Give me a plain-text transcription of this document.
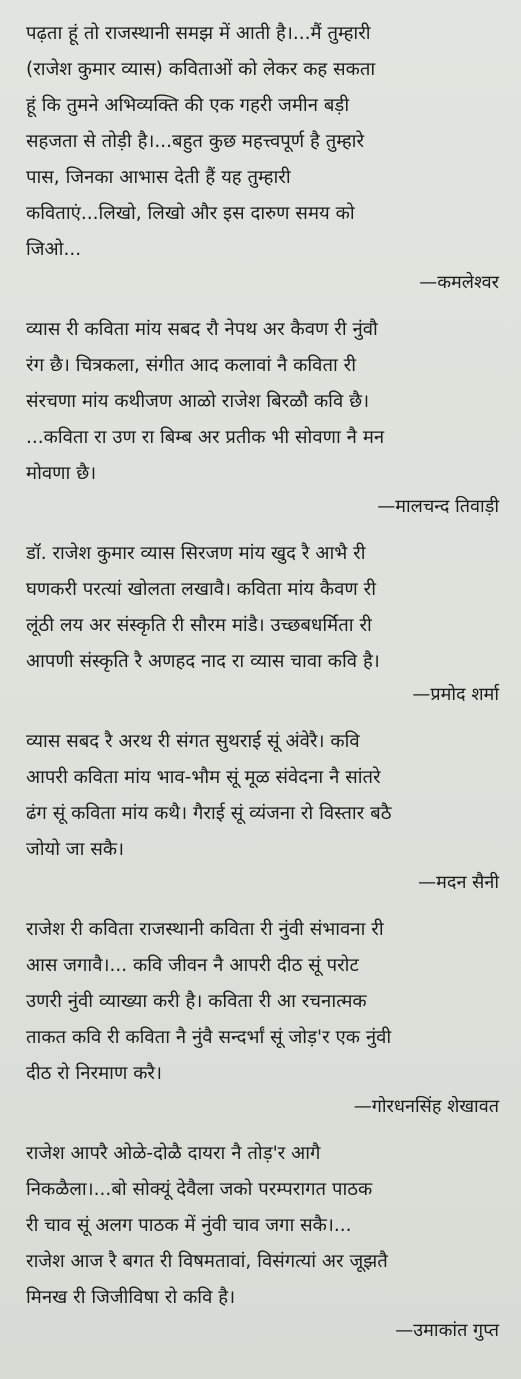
पढ़ता हूं तो राजस्थानी समझ में आती है।...मैं तुम्हारी
(राजेश कुमार व्यास) कविताओं को लेकर कह सकता
हूं कि तुमने अभिव्यक्ति की एक गहरी जमीन बड़ी
सहजता से तोड़ी है।...बहुत कुछ महत्त्वपूर्ण है तुम्हारे
पास, जिनका आभास देती हैं यह तुम्हारी
कविताएं...लिखो, लिखो और इस दारुण समय को
जिओ...

—कमलेश्वर

व्यास री कविता मांय सबद रौ नेपथ अर कैवण री नुंवौ
रंग छै। चित्रकला, संगीत आद कलावां नै कविता री
संरचणा मांय कथीजण आळो राजेश बिरळौ कवि छै।
...कविता रा उण रा बिम्ब अर प्रतीक भी सोवणा नै मन
मोवणा छै।

—मालचन्द तिवाड़ी

डॉ. राजेश कुमार व्यास सिरजण मांय खुद रै आभै री
घणकरी परत्यां खोलता लखावै। कविता मांय कैवण री
लूंठी लय अर संस्कृति री सौरम मांडै। उच्छबधर्मिता री
आपणी संस्कृति रै अणहद नाद रा व्यास चावा कवि है।

—प्रमोद शर्मा

व्यास सबद रै अरथ री संगत सुथराई सूं अंवेरै। कवि
आपरी कविता मांय भाव-भौम सूं मूळ संवेदना नै सांतरे
ढंग सूं कविता मांय कथै। गैराई सूं व्यंजना रो विस्तार बठै
जोयो जा सकै।

—मदन सैनी

राजेश री कविता राजस्थानी कविता री नुंवी संभावना री
आस जगावै।... कवि जीवन नै आपरी दीठ सूं परोट
उणरी नुंवी व्याख्या करी है। कविता री आ रचनात्मक
ताकत कवि री कविता नै नुंवै सन्दर्भां सूं जोड़'र एक नुंवी
दीठ रो निरमाण करै।

—गोरधनसिंह शेखावत

राजेश आपरै ओळे-दोळै दायरा नै तोड़'र आगै
निकळैला।...बो सोक्यूं देवैला जको परम्परागत पाठक
री चाव सूं अलग पाठक में नुंवी चाव जगा सकै।...
राजेश आज रै बगत री विषमतावां, विसंगत्यां अर जूझतै
मिनख री जिजीविषा रो कवि है।

—उमाकांत गुप्त
